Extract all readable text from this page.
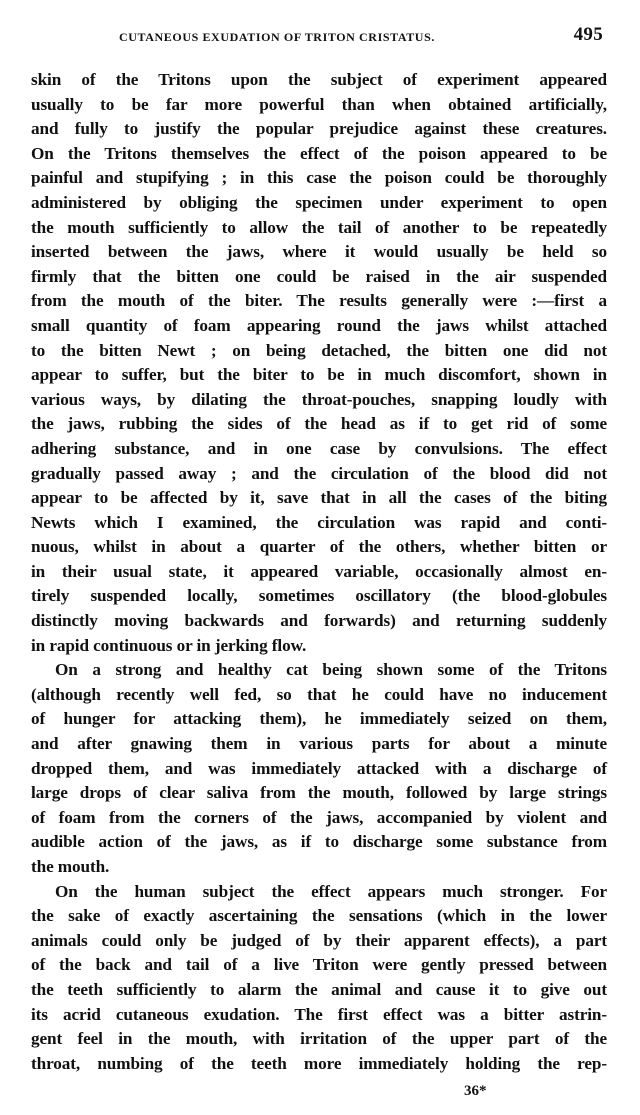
CUTANEOUS EXUDATION OF TRITON CRISTATUS.	495
skin of the Tritons upon the subject of experiment appeared
usually to be far more powerful than when obtained artificially,
and fully to justify the popular prejudice against these creatures.
On the Tritons themselves the effect of the poison appeared to be
painful and stupifying ; in this case the poison could be thoroughly
administered by obliging the specimen under experiment to open
the mouth sufficiently to allow the tail of another to be repeatedly
inserted between the jaws, where it would usually be held so
firmly that the bitten one could be raised in the air suspended
from the mouth of the biter. The results generally were :—first a
small quantity of foam appearing round the jaws whilst attached
to the bitten Newt ; on being detached, the bitten one did not
appear to suffer, but the biter to be in much discomfort, shown in
various ways, by dilating the throat-pouches, snapping loudly with
the jaws, rubbing the sides of the head as if to get rid of some
adhering substance, and in one case by convulsions. The effect
gradually passed away ; and the circulation of the blood did not
appear to be affected by it, save that in all the cases of the biting
Newts which I examined, the circulation was rapid and conti-
nuous, whilst in about a quarter of the others, whether bitten or
in their usual state, it appeared variable, occasionally almost en-
tirely suspended locally, sometimes oscillatory (the blood-globules
distinctly moving backwards and forwards) and returning suddenly
in rapid continuous or in jerking flow.
On a strong and healthy cat being shown some of the Tritons
(although recently well fed, so that he could have no inducement
of hunger for attacking them), he immediately seized on them,
and after gnawing them in various parts for about a minute
dropped them, and was immediately attacked with a discharge of
large drops of clear saliva from the mouth, followed by large strings
of foam from the corners of the jaws, accompanied by violent and
audible action of the jaws, as if to discharge some substance from
the mouth.
On the human subject the effect appears much stronger. For
the sake of exactly ascertaining the sensations (which in the lower
animals could only be judged of by their apparent effects), a part
of the back and tail of a live Triton were gently pressed between
the teeth sufficiently to alarm the animal and cause it to give out
its acrid cutaneous exudation. The first effect was a bitter astrin-
gent feel in the mouth, with irritation of the upper part of the
throat, numbing of the teeth more immediately holding the rep-
36*
